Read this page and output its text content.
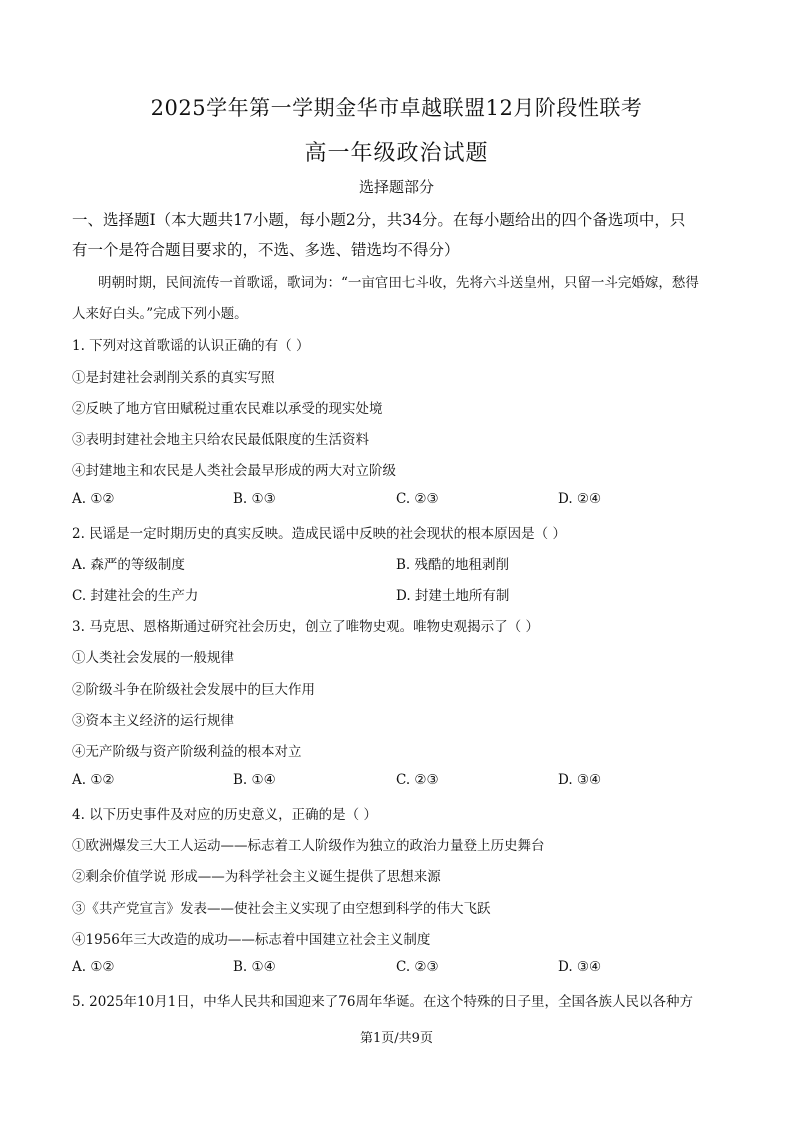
2025学年第一学期金华市卓越联盟12月阶段性联考
高一年级政治试题
选择题部分
一、选择题Ⅰ（本大题共17小题，每小题2分，共34分。在每小题给出的四个备选项中，只
有一个是符合题目要求的，不选、多选、错选均不得分）
明朝时期，民间流传一首歌谣，歌词为：“一亩官田七斗收，先将六斗送皇州，只留一斗完婚嫁，愁得
人来好白头。”完成下列小题。
1. 下列对这首歌谣的认识正确的有（ ）
①是封建社会剥削关系的真实写照
②反映了地方官田赋税过重农民难以承受的现实处境
③表明封建社会地主只给农民最低限度的生活资料
④封建地主和农民是人类社会最早形成的两大对立阶级
A. ①②	B. ①③	C. ②③	D. ②④
2. 民谣是一定时期历史的真实反映。造成民谣中反映的社会现状的根本原因是（ ）
A. 森严的等级制度	B. 残酷的地租剥削
C. 封建社会的生产力	D. 封建土地所有制
3. 马克思、恩格斯通过研究社会历史，创立了唯物史观。唯物史观揭示了（ ）
①人类社会发展的一般规律
②阶级斗争在阶级社会发展中的巨大作用
③资本主义经济的运行规律
④无产阶级与资产阶级利益的根本对立
A. ①②	B. ①④	C. ②③	D. ③④
4. 以下历史事件及对应的历史意义，正确的是（ ）
①欧洲爆发三大工人运动——标志着工人阶级作为独立的政治力量登上历史舞台
②剩余价值学说 形成——为科学社会主义诞生提供了思想来源
③《共产党宣言》发表——使社会主义实现了由空想到科学的伟大飞跃
④1956年三大改造的成功——标志着中国建立社会主义制度
A. ①②	B. ①④	C. ②③	D. ③④
5. 2025年10月1日，中华人民共和国迎来了76周年华诞。在这个特殊的日子里，全国各族人民以各种方
第1页/共9页
